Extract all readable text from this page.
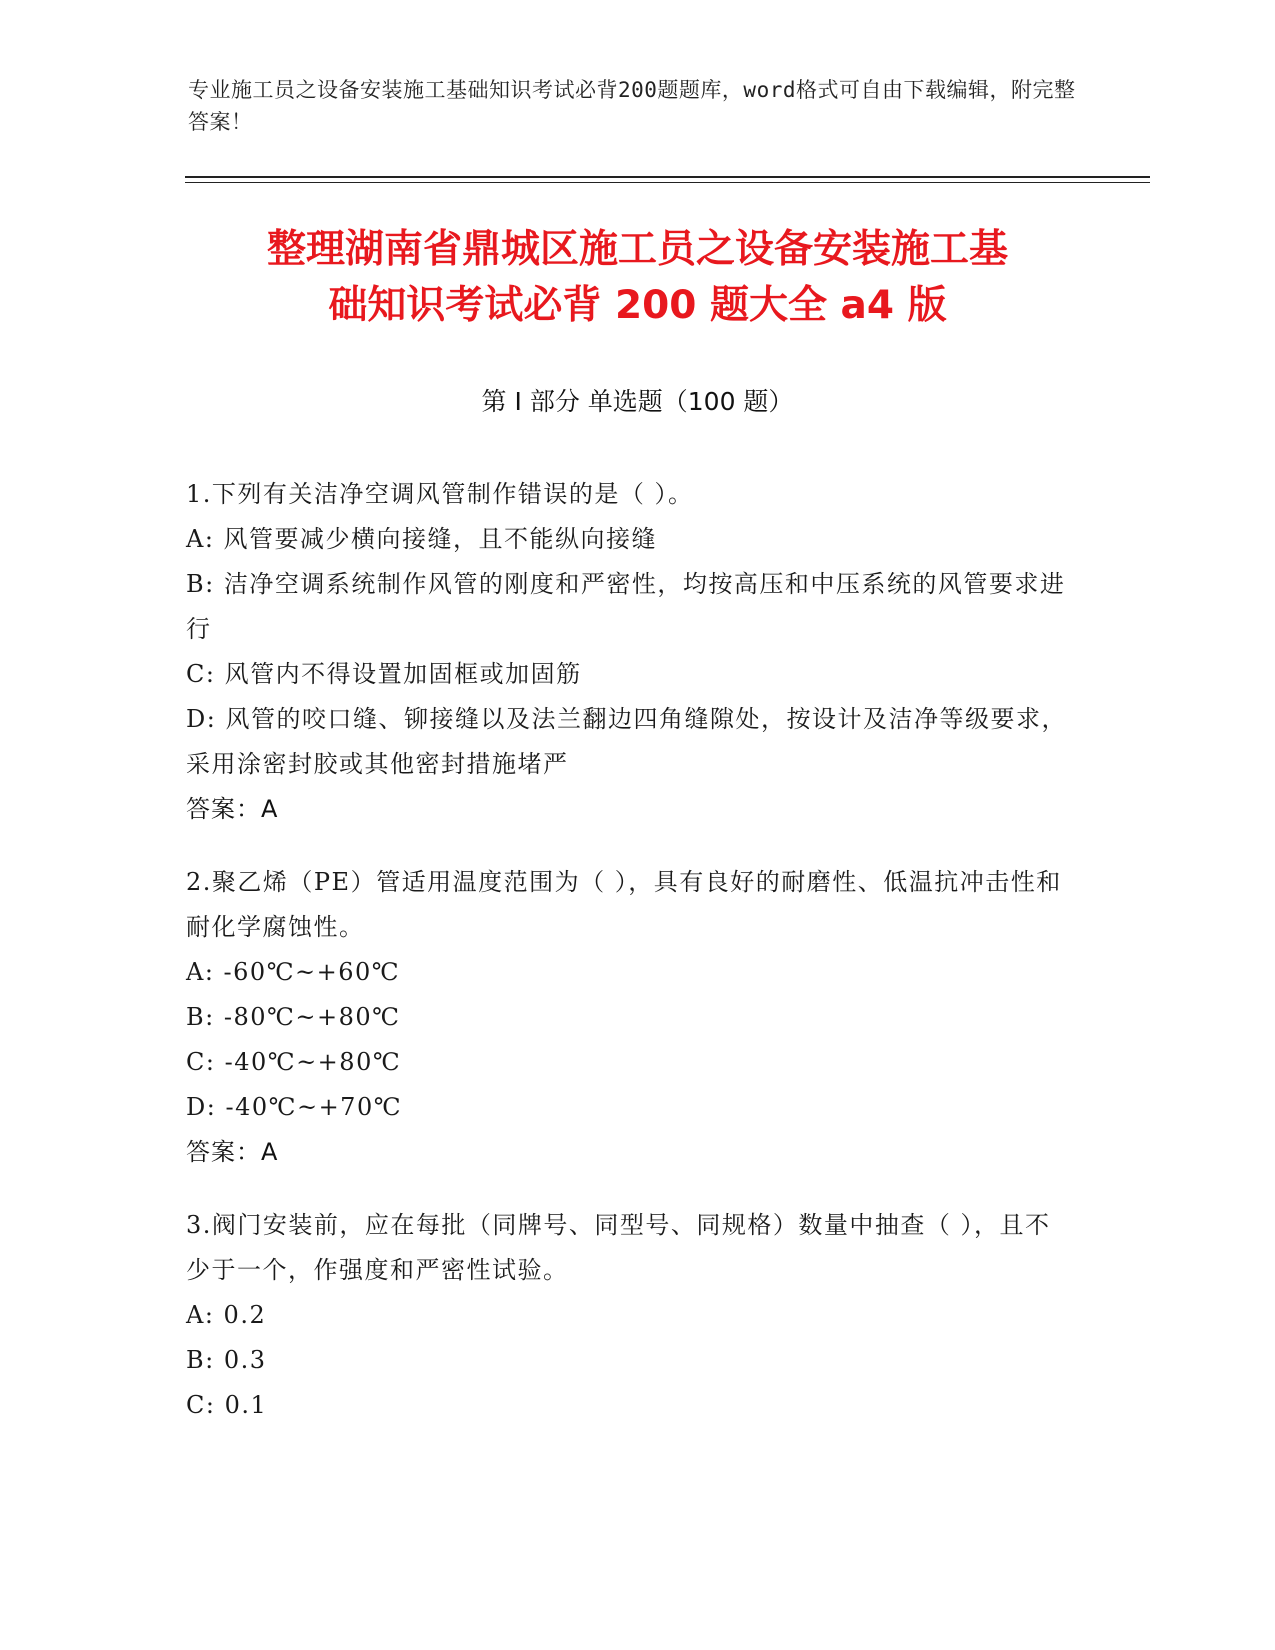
专业施工员之设备安装施工基础知识考试必背200题题库，word格式可自由下载编辑，附完整答案！
整理湖南省鼎城区施工员之设备安装施工基
础知识考试必背 200 题大全 a4 版
第 I 部分 单选题（100 题）

1.下列有关洁净空调风管制作错误的是（ ）。

A: 风管要减少横向接缝，且不能纵向接缝

B: 洁净空调系统制作风管的刚度和严密性，均按高压和中压系统的风管要求进行

C: 风管内不得设置加固框或加固筋

D: 风管的咬口缝、铆接缝以及法兰翻边四角缝隙处，按设计及洁净等级要求，采用涂密封胶或其他密封措施堵严

答案：A

2.聚乙烯（PE）管适用温度范围为（ ），具有良好的耐磨性、低温抗冲击性和耐化学腐蚀性。

A: -60℃~+60℃

B: -80℃~+80℃

C: -40℃~+80℃

D: -40℃~+70℃

答案：A

3.阀门安装前，应在每批（同牌号、同型号、同规格）数量中抽查（ ），且不少于一个，作强度和严密性试验。

A: 0.2

B: 0.3

C: 0.1
